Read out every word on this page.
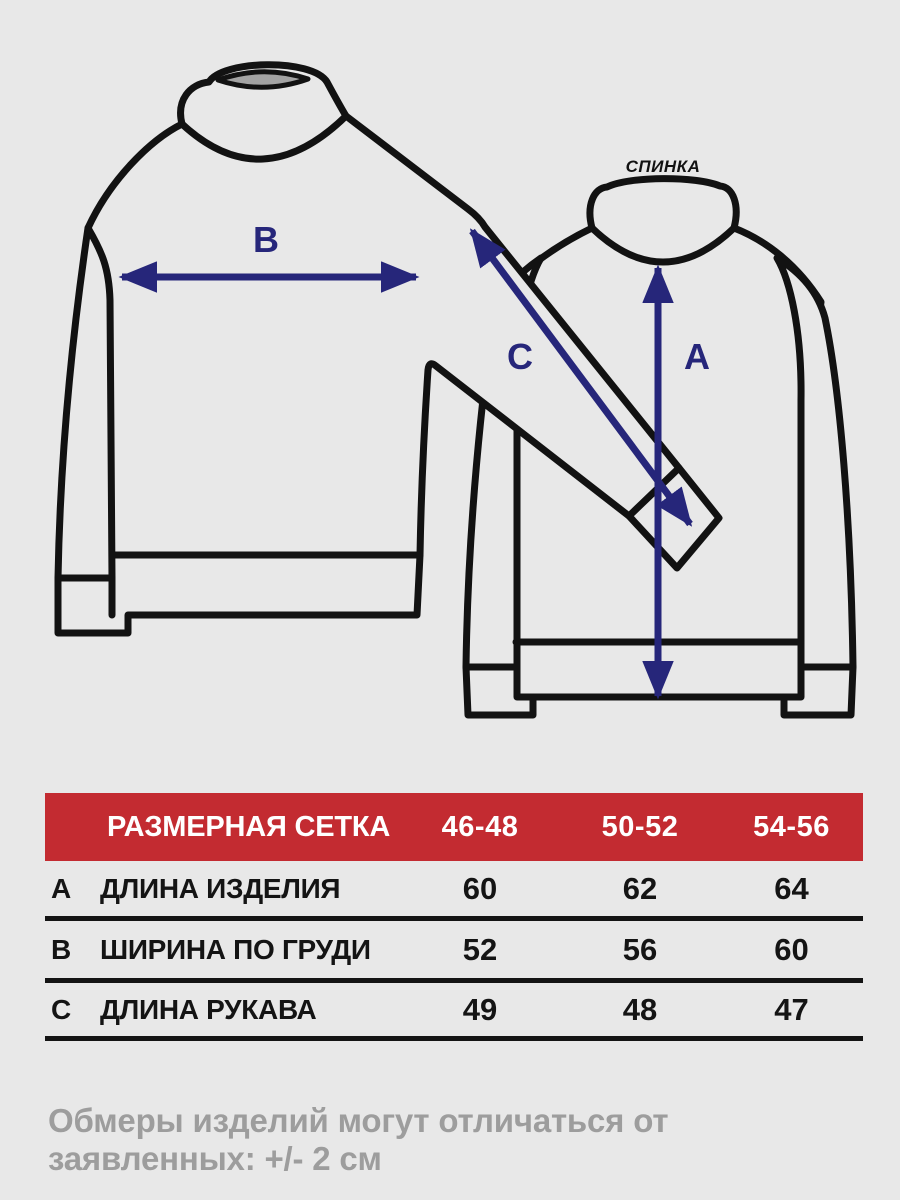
B
C	A
СПИНКА
РАЗМЕРНАЯ СЕТКА	46-48	50-52	54-56
A	ДЛИНА ИЗДЕЛИЯ	60	62	64
B	ШИРИНА ПО ГРУДИ	52	56	60
C	ДЛИНА РУКАВА	49	48	47
Обмеры изделий могут отличаться от заявленных: +/- 2 см
